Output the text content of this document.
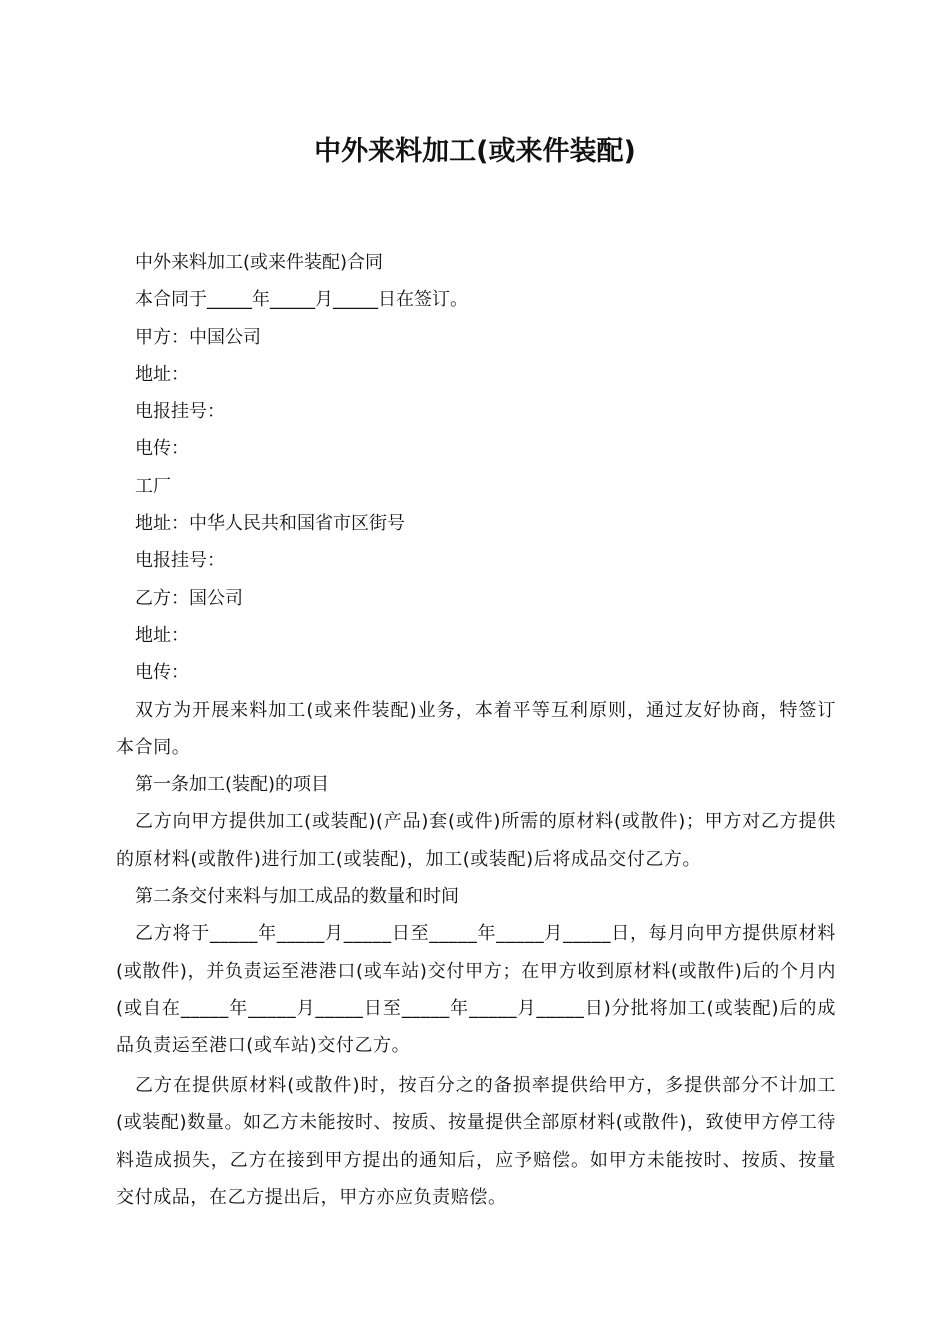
中外来料加工(或来件装配)

中外来料加工(或来件装配)合同

本合同于_____年_____月_____日在签订。

甲方：中国公司

地址：

电报挂号：

电传：

工厂

地址：中华人民共和国省市区街号

电报挂号：

乙方：国公司

地址：

电传：

双方为开展来料加工(或来件装配)业务，本着平等互利原则，通过友好协商，特签订本合同。

第一条加工(装配)的项目

乙方向甲方提供加工(或装配)(产品)套(或件)所需的原材料(或散件)；甲方对乙方提供的原材料(或散件)进行加工(或装配)，加工(或装配)后将成品交付乙方。

第二条交付来料与加工成品的数量和时间

乙方将于_____年_____月_____日至_____年_____月_____日，每月向甲方提供原材料(或散件)，并负责运至港港口(或车站)交付甲方；在甲方收到原材料(或散件)后的个月内(或自在_____年_____月_____日至_____年_____月_____日)分批将加工(或装配)后的成品负责运至港口(或车站)交付乙方。

乙方在提供原材料(或散件)时，按百分之的备损率提供给甲方，多提供部分不计加工(或装配)数量。如乙方未能按时、按质、按量提供全部原材料(或散件)，致使甲方停工待料造成损失，乙方在接到甲方提出的通知后，应予赔偿。如甲方未能按时、按质、按量交付成品，在乙方提出后，甲方亦应负责赔偿。
